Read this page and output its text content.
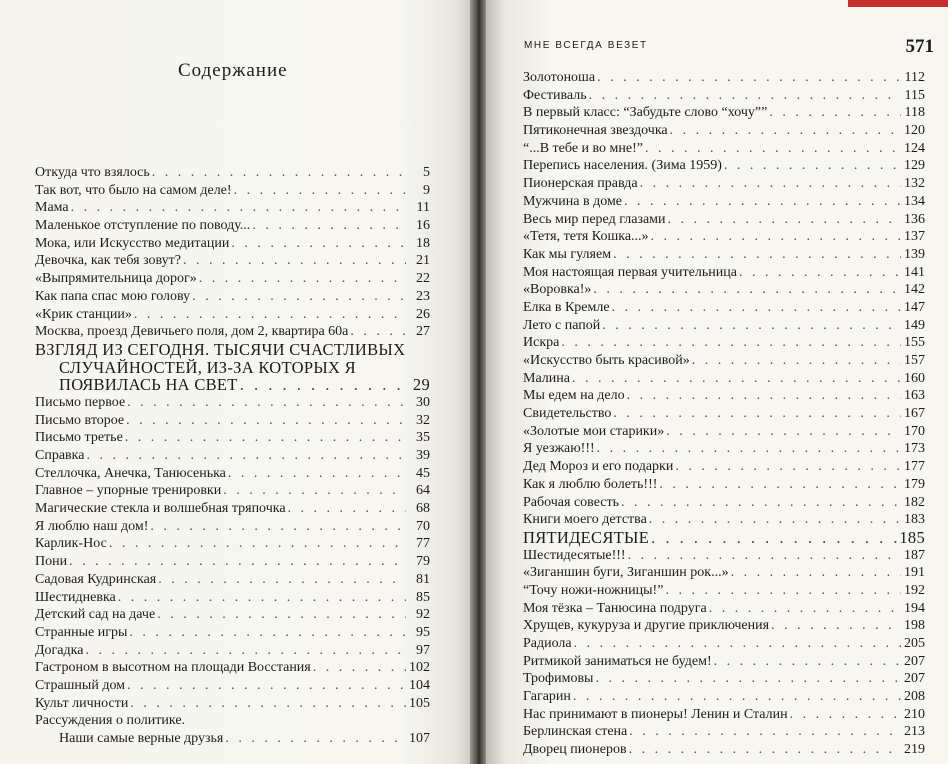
Содержание
Откуда что взялось . . .	5
Так вот, что было на самом деле! . . .	9
Мама . . .	11
Маленькое отступление по поводу... . . .	16
Мока, или Искусство медитации . . .	18
Девочка, как тебя зовут? . . .	21
«Выпрямительница дорог» . . .	22
Как папа спас мою голову . . .	23
«Крик станции» . . .	26
Москва, проезд Девичьего поля, дом 2, квартира 60а . . .	27
ВЗГЛЯД ИЗ СЕГОДНЯ. ТЫСЯЧИ СЧАСТЛИВЫХ
СЛУЧАЙНОСТЕЙ, ИЗ-ЗА КОТОРЫХ Я
ПОЯВИЛАСЬ НА СВЕТ . . .	29
Письмо первое . . .	30
Письмо второе . . .	32
Письмо третье . . .	35
Справка . . .	39
Стеллочка, Анечка, Танюсенька . . .	45
Главное – упорные тренировки . . .	64
Магические стекла и волшебная тряпочка . . .	68
Я люблю наш дом! . . .	70
Карлик-Нос . . .	77
Пони . . .	79
Садовая Кудринская . . .	81
Шестидневка . . .	85
Детский сад на даче . . .	92
Странные игры . . .	95
Догадка . . .	97
Гастроном в высотном на площади Восстания . . .	102
Страшный дом . . .	104
Культ личности . . .	105
Рассуждения о политике.
Наши самые верные друзья . . .	107
МНЕ ВСЕГДА ВЕЗЕТ	571
Золотоноша . . .	112
Фестиваль . . .	115
В первый класс: “Забудьте слово “хочу”” . . .	118
Пятиконечная звездочка . . .	120
“...В тебе и во мне!” . . .	124
Перепись населения. (Зима 1959) . . .	129
Пионерская правда . . .	132
Мужчина в доме . . .	134
Весь мир перед глазами . . .	136
«Тетя, тетя Кошка...» . . .	137
Как мы гуляем . . .	139
Моя настоящая первая учительница . . .	141
«Воровка!» . . .	142
Елка в Кремле . . .	147
Лето с папой . . .	149
Искра . . .	155
«Искусство быть красивой» . . .	157
Малина . . .	160
Мы едем на дело . . .	163
Свидетельство . . .	167
«Золотые мои старики» . . .	170
Я уезжаю!!! . . .	173
Дед Мороз и его подарки . . .	177
Как я люблю болеть!!! . . .	179
Рабочая совесть . . .	182
Книги моего детства . . .	183
ПЯТИДЕСЯТЫЕ . . .	185
Шестидесятые!!! . . .	187
«Зиганшин буги, Зиганшин рок...» . . .	191
“Точу ножи-ножницы!” . . .	192
Моя тёзка – Танюсина подруга . . .	194
Хрущев, кукуруза и другие приключения . . .	198
Радиола . . .	205
Ритмикой заниматься не будем! . . .	207
Трофимовы . . .	207
Гагарин . . .	208
Нас принимают в пионеры! Ленин и Сталин . . .	210
Берлинская стена . . .	213
Дворец пионеров . . .	219
